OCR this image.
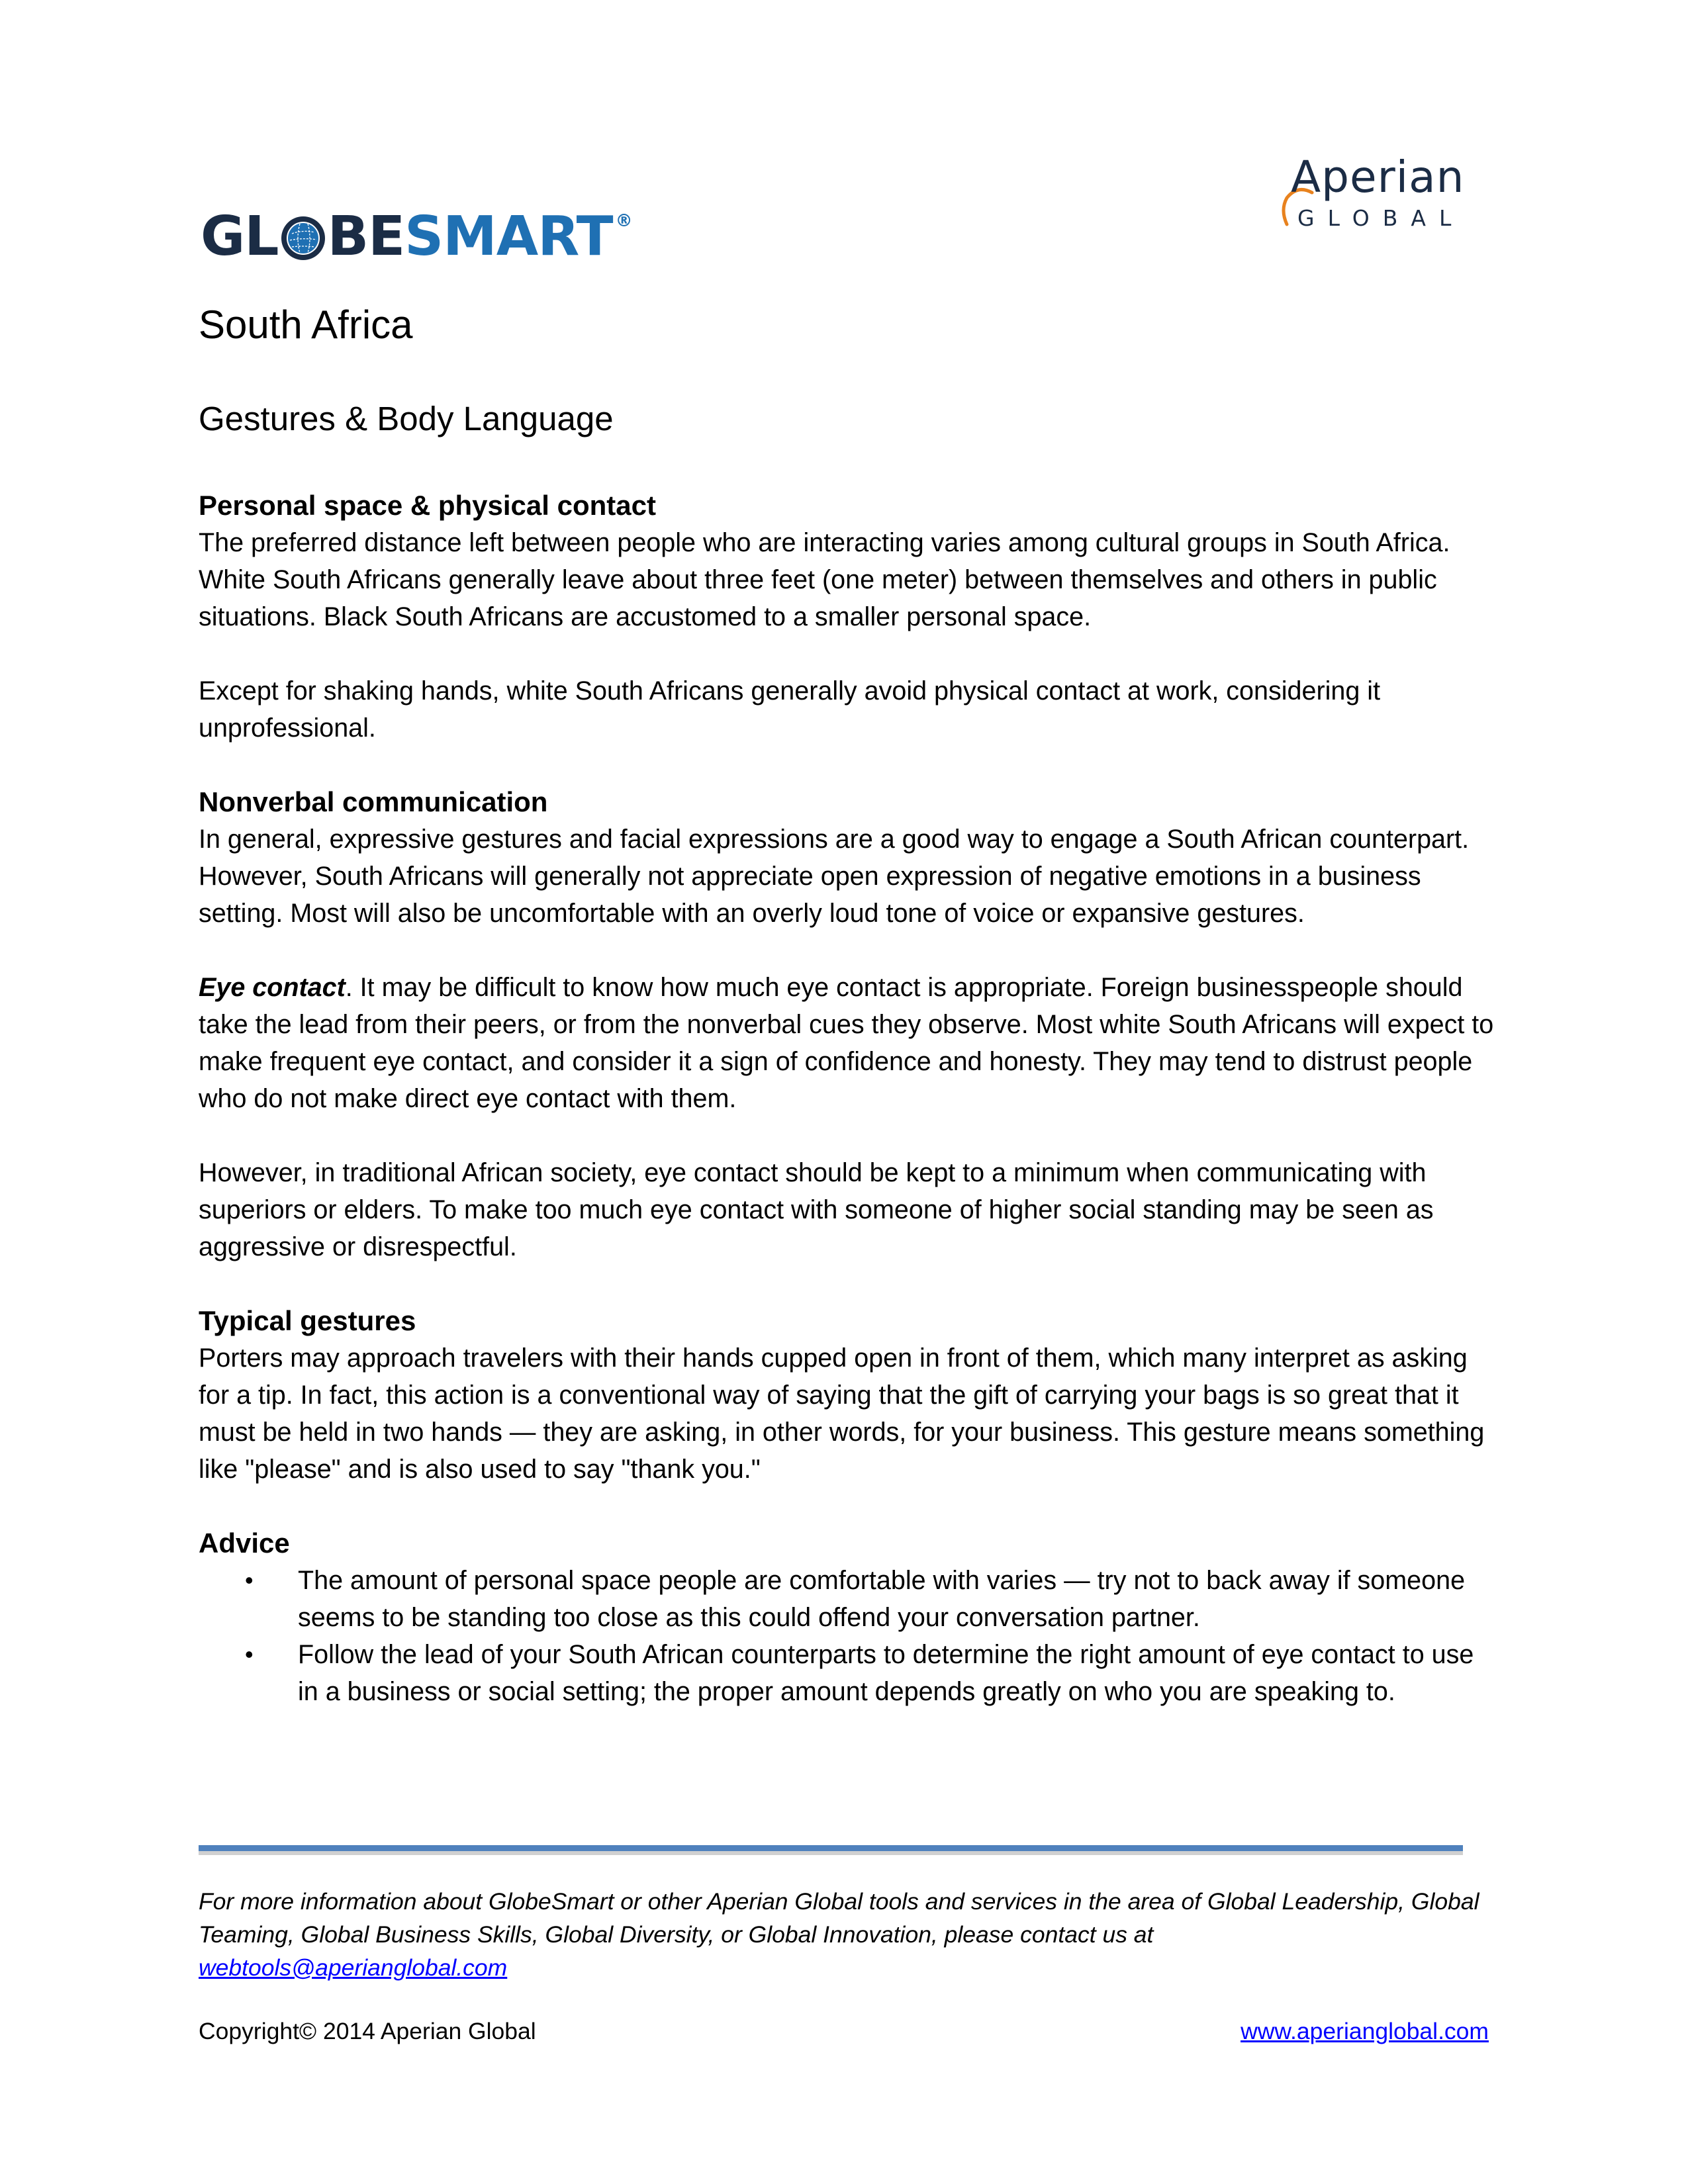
GL BE SMART ®
Aperian
GLOBAL
South Africa
Gestures & Body Language
Personal space & physical contact

The preferred distance left between people who are interacting varies among cultural groups in South Africa. White South Africans generally leave about three feet (one meter) between themselves and others in public situations. Black South Africans are accustomed to a smaller personal space.

Except for shaking hands, white South Africans generally avoid physical contact at work, considering it unprofessional.

Nonverbal communication

In general, expressive gestures and facial expressions are a good way to engage a South African counterpart. However, South Africans will generally not appreciate open expression of negative emotions in a business setting. Most will also be uncomfortable with an overly loud tone of voice or expansive gestures.

Eye contact. It may be difficult to know how much eye contact is appropriate. Foreign businesspeople should take the lead from their peers, or from the nonverbal cues they observe. Most white South Africans will expect to make frequent eye contact, and consider it a sign of confidence and honesty. They may tend to distrust people who do not make direct eye contact with them.

However, in traditional African society, eye contact should be kept to a minimum when communicating with superiors or elders. To make too much eye contact with someone of higher social standing may be seen as aggressive or disrespectful.

Typical gestures

Porters may approach travelers with their hands cupped open in front of them, which many interpret as asking for a tip. In fact, this action is a conventional way of saying that the gift of carrying your bags is so great that it must be held in two hands — they are asking, in other words, for your business. This gesture means something like "please" and is also used to say "thank you."

Advice
• The amount of personal space people are comfortable with varies — try not to back away if someone seems to be standing too close as this could offend your conversation partner.
• Follow the lead of your South African counterparts to determine the right amount of eye contact to use in a business or social setting; the proper amount depends greatly on who you are speaking to.
For more information about GlobeSmart or other Aperian Global tools and services in the area of Global Leadership, Global Teaming, Global Business Skills, Global Diversity, or Global Innovation, please contact us at
webtools@aperianglobal.com
Copyright© 2014 Aperian Global	www.aperianglobal.com
